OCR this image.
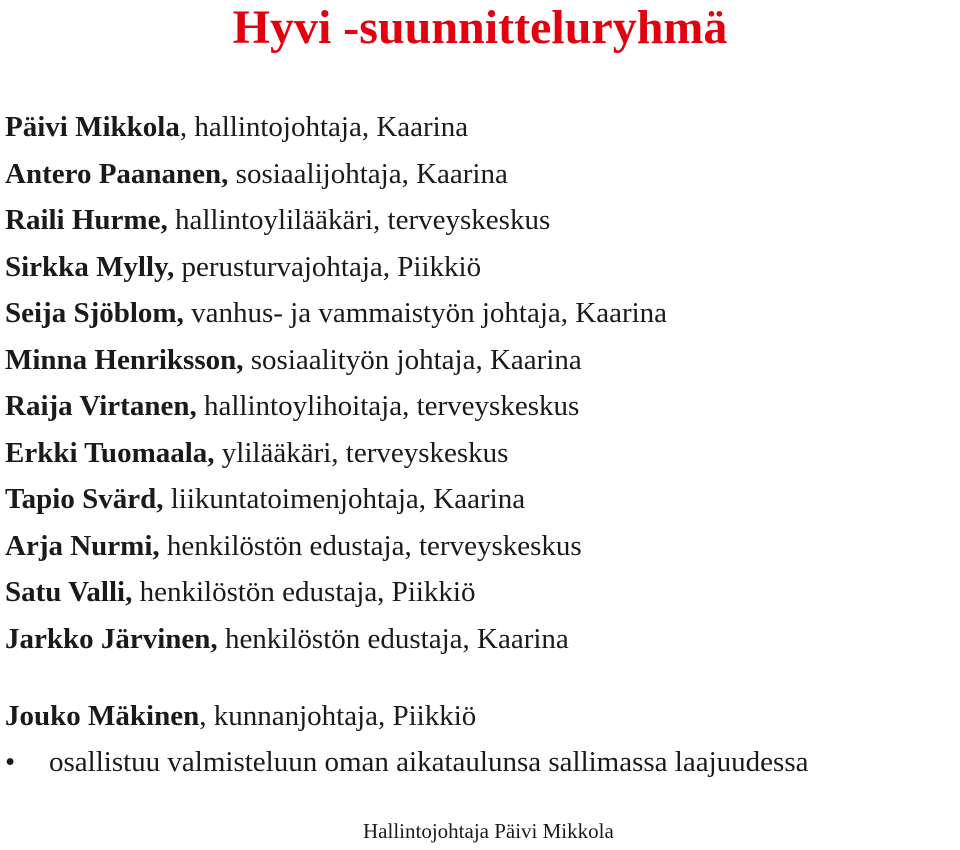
Hyvi -suunnitteluryhmä
Päivi Mikkola, hallintojohtaja, Kaarina
Antero Paananen, sosiaalijohtaja, Kaarina
Raili Hurme, hallintoylilääkäri, terveyskeskus
Sirkka Mylly, perusturvajohtaja, Piikkiö
Seija Sjöblom, vanhus- ja vammaistyön johtaja, Kaarina
Minna Henriksson, sosiaalityön johtaja, Kaarina
Raija Virtanen, hallintoylihoitaja, terveyskeskus
Erkki Tuomaala, ylilääkäri, terveyskeskus
Tapio Svärd, liikuntatoimenjohtaja, Kaarina
Arja Nurmi, henkilöstön edustaja, terveyskeskus
Satu Valli, henkilöstön edustaja, Piikkiö
Jarkko Järvinen, henkilöstön edustaja, Kaarina
Jouko Mäkinen, kunnanjohtaja, Piikkiö
• osallistuu valmisteluun oman aikataulunsa sallimassa laajuudessa
Hallintojohtaja Päivi Mikkola
